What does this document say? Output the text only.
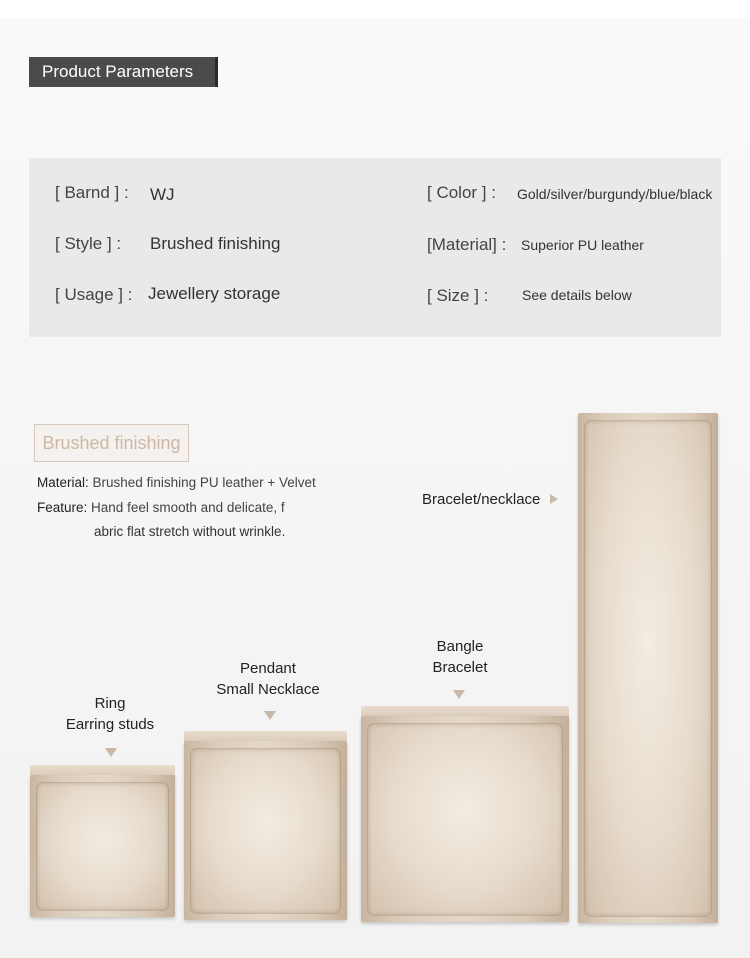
Product Parameters
[ Barnd ] : WJ
[ Style ] : Brushed finishing
[ Usage ] : Jewellery storage
[ Color ] : Gold/silver/burgundy/blue/black
[Material] : Superior PU leather
[ Size ] : See details below
Brushed finishing
Material: Brushed finishing PU leather + Velvet
Feature: Hand feel smooth and delicate, f
abric flat stretch without wrinkle.
Ring
Earring studs
Pendant
Small Necklace
Bangle
Bracelet
Bracelet/necklace
